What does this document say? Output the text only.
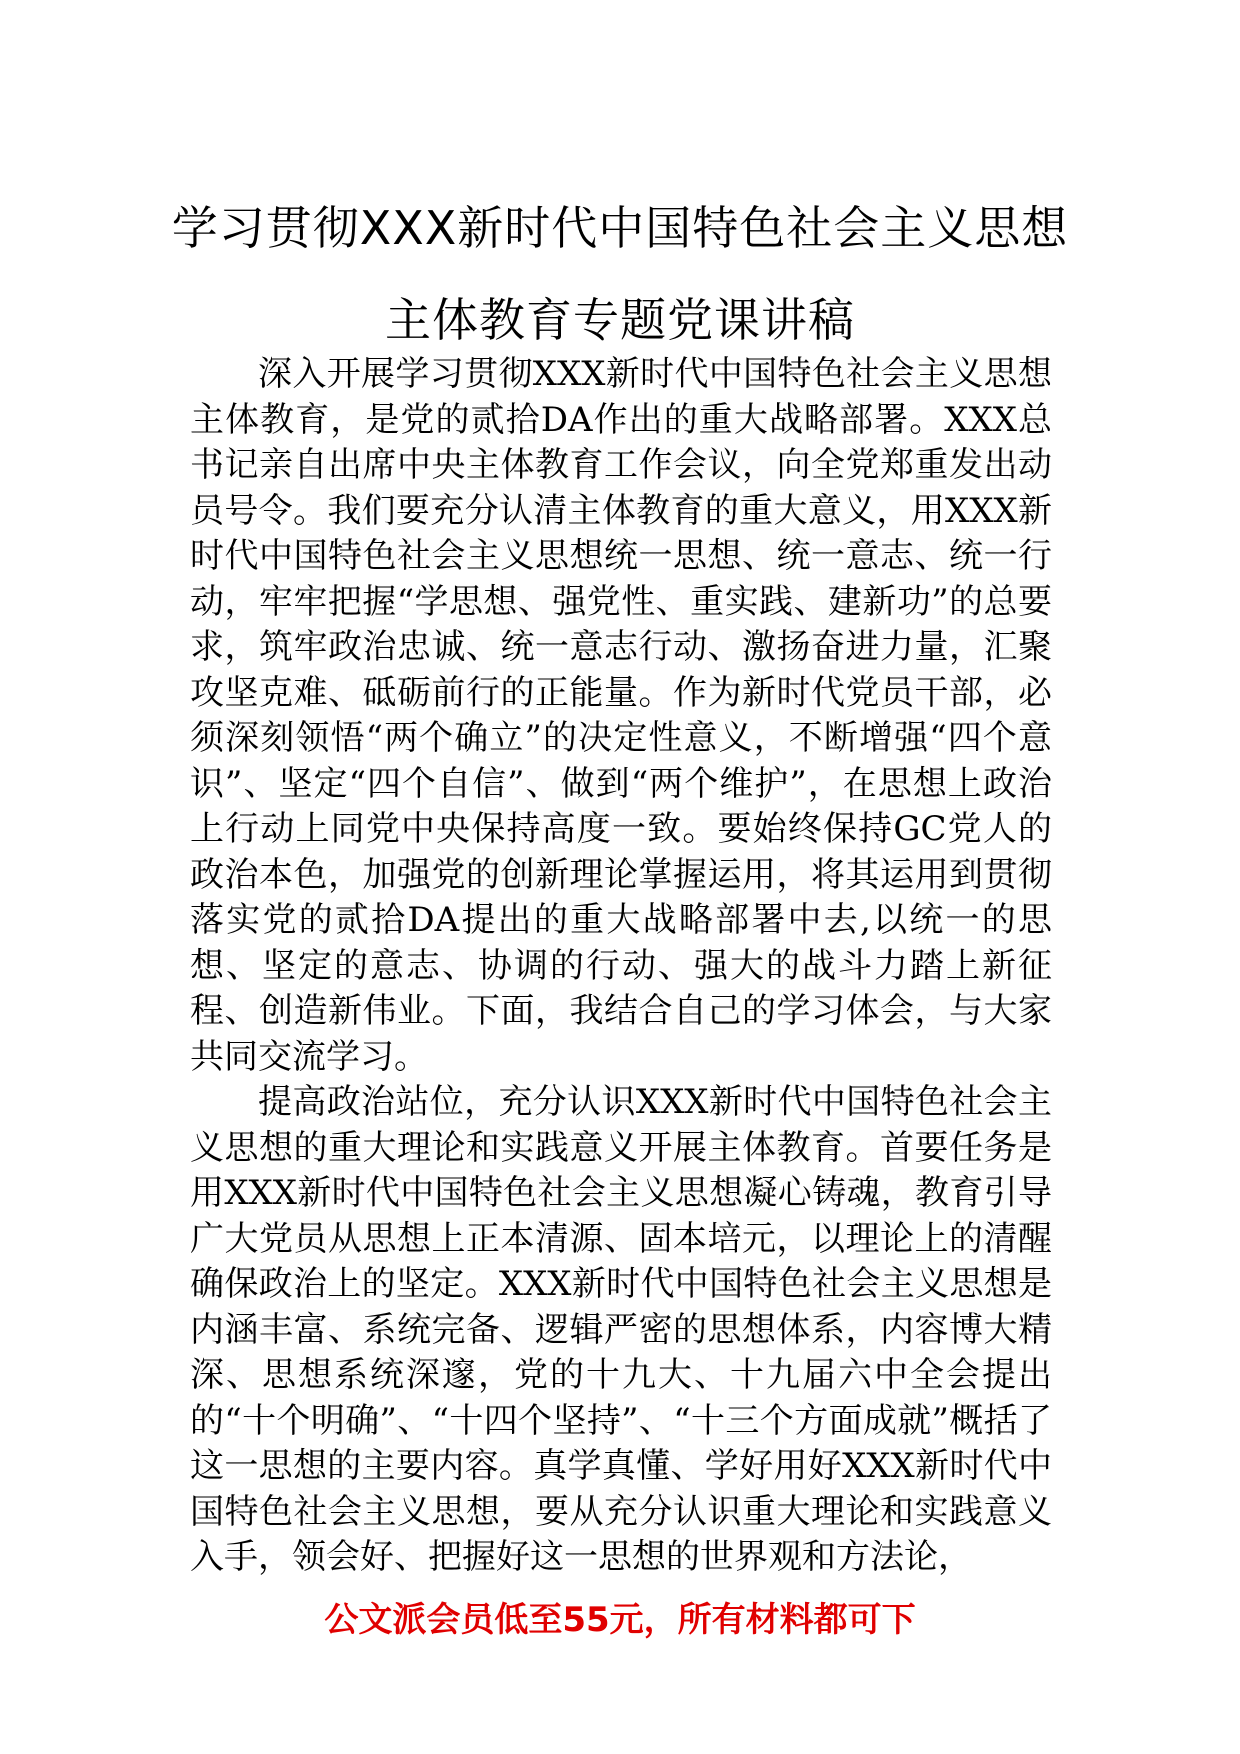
学习贯彻XXX新时代中国特色社会主义思想主体教育专题党课讲稿

深入开展学习贯彻XXX新时代中国特色社会主义思想主体教育，是党的贰拾DA作出的重大战略部署。XXX总书记亲自出席中央主体教育工作会议，向全党郑重发出动员号令。我们要充分认清主体教育的重大意义，用XXX新时代中国特色社会主义思想统一思想、统一意志、统一行动，牢牢把握“学思想、强党性、重实践、建新功”的总要求，筑牢政治忠诚、统一意志行动、激扬奋进力量，汇聚攻坚克难、砥砺前行的正能量。作为新时代党员干部，必须深刻领悟“两个确立”的决定性意义，不断增强“四个意识”、坚定“四个自信”、做到“两个维护”，在思想上政治上行动上同党中央保持高度一致。要始终保持GC党人的政治本色，加强党的创新理论掌握运用，将其运用到贯彻落实党的贰拾DA提出的重大战略部署中去,以统一的思想、坚定的意志、协调的行动、强大的战斗力踏上新征程、创造新伟业。下面，我结合自己的学习体会，与大家共同交流学习。

提高政治站位，充分认识XXX新时代中国特色社会主义思想的重大理论和实践意义开展主体教育。首要任务是用XXX新时代中国特色社会主义思想凝心铸魂，教育引导广大党员从思想上正本清源、固本培元，以理论上的清醒确保政治上的坚定。XXX新时代中国特色社会主义思想是内涵丰富、系统完备、逻辑严密的思想体系，内容博大精深、思想系统深邃，党的十九大、十九届六中全会提出的“十个明确”、“十四个坚持”、“十三个方面成就”概括了这一思想的主要内容。真学真懂、学好用好XXX新时代中国特色社会主义思想，要从充分认识重大理论和实践意义入手，领会好、把握好这一思想的世界观和方法论，

公文派会员低至55元，所有材料都可下
